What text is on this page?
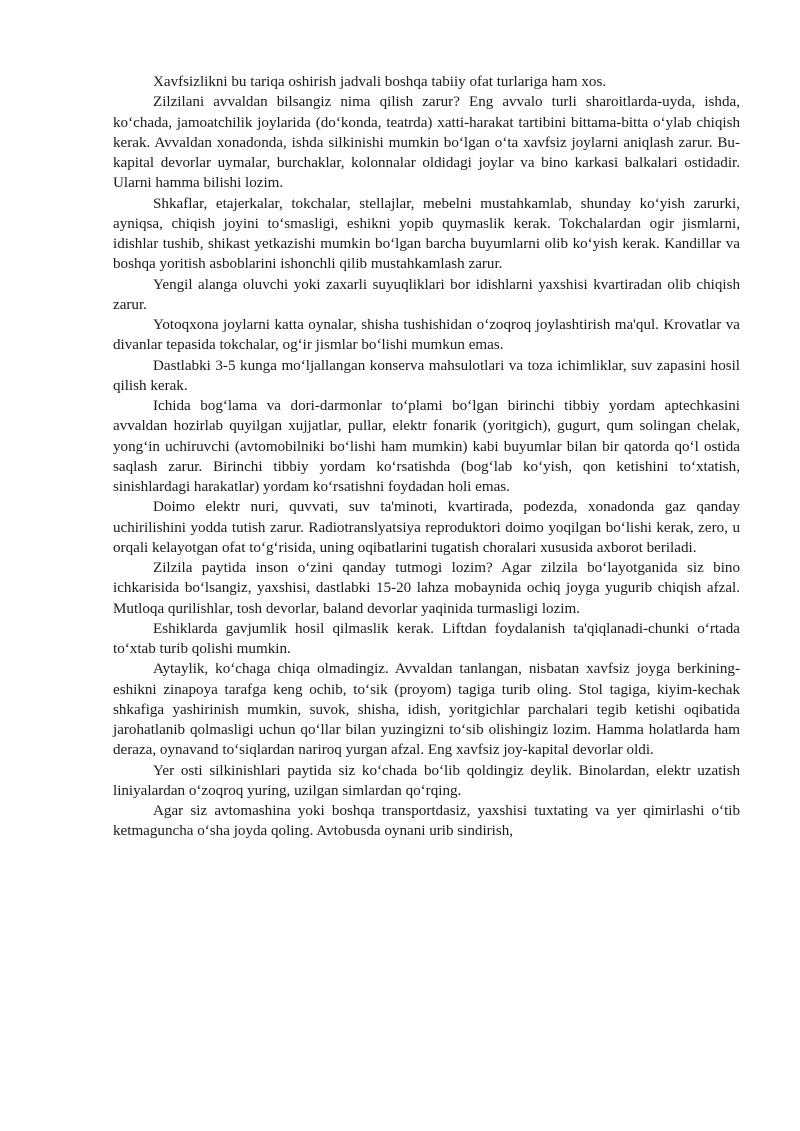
Xavfsizlikni bu tariqa oshirish jadvali boshqa tabiiy ofat turlariga ham xos.

Zilzilani avvaldan bilsangiz nima qilish zarur? Eng avvalo turli sharoitlarda-uyda, ishda, ko‘chada, jamoatchilik joylarida (do‘konda, teatrda) xatti-harakat tartibini bittama-bitta o‘ylab chiqish kerak. Avvaldan xonadonda, ishda silkinishi mumkin bo‘lgan o‘ta xavfsiz joylarni aniqlash zarur. Bu-kapital devorlar uymalar, burchaklar, kolonnalar oldidagi joylar va bino karkasi balkalari ostidadir. Ularni hamma bilishi lozim.

Shkaflar, etajerkalar, tokchalar, stellajlar, mebelni mustahkamlab, shunday ko‘yish zarurki, ayniqsa, chiqish joyini to‘smasligi, eshikni yopib quymaslik kerak. Tokchalardan ogir jismlarni, idishlar tushib, shikast yetkazishi mumkin bo‘lgan barcha buyumlarni olib ko‘yish kerak. Kandillar va boshqa yoritish asboblarini ishonchli qilib mustahkamlash zarur.

Yengil alanga oluvchi yoki zaxarli suyuqliklari bor idishlarni yaxshisi kvartiradan olib chiqish zarur.

Yotoqxona joylarni katta oynalar, shisha tushishidan o‘zoqroq joylashtirish ma'qul. Krovatlar va divanlar tepasida tokchalar, og‘ir jismlar bo‘lishi mumkun emas.

Dastlabki 3-5 kunga mo‘ljallangan konserva mahsulotlari va toza ichimliklar, suv zapasini hosil qilish kerak.

Ichida bog‘lama va dori-darmonlar to‘plami bo‘lgan birinchi tibbiy yordam aptechkasini avvaldan hozirlab quyilgan xujjatlar, pullar, elektr fonarik (yoritgich), gugurt, qum solingan chelak, yong‘in uchiruvchi (avtomobilniki bo‘lishi ham mumkin) kabi buyumlar bilan bir qatorda qo‘l ostida saqlash zarur. Birinchi tibbiy yordam ko‘rsatishda (bog‘lab ko‘yish, qon ketishini to‘xtatish, sinishlardagi harakatlar) yordam ko‘rsatishni foydadan holi emas.

Doimo elektr nuri, quvvati, suv ta'minoti, kvartirada, podezda, xonadonda gaz qanday uchirilishini yodda tutish zarur. Radiotranslyatsiya reproduktori doimo yoqilgan bo‘lishi kerak, zero, u orqali kelayotgan ofat to‘g‘risida, uning oqibatlarini tugatish choralari xususida axborot beriladi.

Zilzila paytida inson o‘zini qanday tutmogi lozim? Agar zilzila bo‘layotganida siz bino ichkarisida bo‘lsangiz, yaxshisi, dastlabki 15-20 lahza mobaynida ochiq joyga yugurib chiqish afzal. Mutloqa qurilishlar, tosh devorlar, baland devorlar yaqinida turmasligi lozim.

Eshiklarda gavjumlik hosil qilmaslik kerak. Liftdan foydalanish ta'qiqlanadi-chunki o‘rtada to‘xtab turib qolishi mumkin.

Aytaylik, ko‘chaga chiqa olmadingiz. Avvaldan tanlangan, nisbatan xavfsiz joyga berkining-eshikni zinapoya tarafga keng ochib, to‘sik (proyom) tagiga turib oling. Stol tagiga, kiyim-kechak shkafiga yashirinish mumkin, suvok, shisha, idish, yoritgichlar parchalari tegib ketishi oqibatida jarohatlanib qolmasligi uchun qo‘llar bilan yuzingizni to‘sib olishingiz lozim. Hamma holatlarda ham deraza, oynavand to‘siqlardan nariroq yurgan afzal. Eng xavfsiz joy-kapital devorlar oldi.

Yer osti silkinishlari paytida siz ko‘chada bo‘lib qoldingiz deylik. Binolardan, elektr uzatish liniyalardan o‘zoqroq yuring, uzilgan simlardan qo‘rqing.

Agar siz avtomashina yoki boshqa transportdasiz, yaxshisi tuxtating va yer qimirlashi o‘tib ketmaguncha o‘sha joyda qoling. Avtobusda oynani urib sindirish,
